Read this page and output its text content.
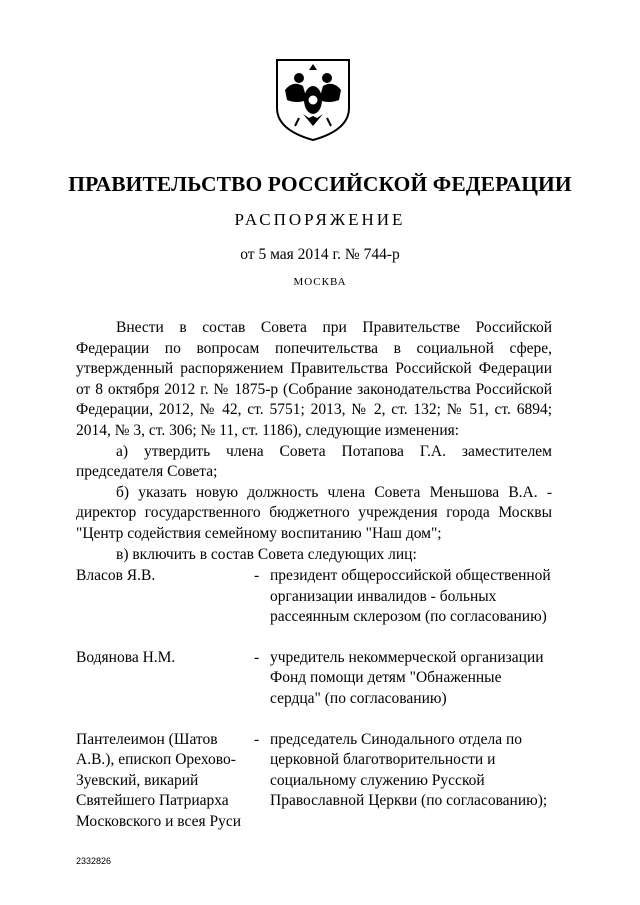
ПРАВИТЕЛЬСТВО РОССИЙСКОЙ ФЕДЕРАЦИИ
РАСПОРЯЖЕНИЕ
от 5 мая 2014 г. № 744-р
МОСКВА

Внести в состав Совета при Правительстве Российской Федерации по вопросам попечительства в социальной сфере, утвержденный распоряжением Правительства Российской Федерации от 8 октября 2012 г. № 1875-р (Собрание законодательства Российской Федерации, 2012, № 42, ст. 5751; 2013, № 2, ст. 132; № 51, ст. 6894; 2014, № 3, ст. 306; № 11, ст. 1186), следующие изменения:

а) утвердить члена Совета Потапова Г.А. заместителем председателя Совета;

б) указать новую должность члена Совета Меньшова В.А. - директор государственного бюджетного учреждения города Москвы "Центр содействия семейному воспитанию "Наш дом";

в) включить в состав Совета следующих лиц:

Власов Я.В.	- президент общероссийской общественной организации инвалидов - больных рассеянным склерозом (по согласованию)
Водянова Н.М.	- учредитель некоммерческой организации Фонд помощи детям "Обнаженные сердца" (по согласованию)
Пантелеимон (Шатов А.В.), епископ Орехово-Зуевский, викарий Святейшего Патриарха Московского и всея Руси
- председатель Синодального отдела по церковной благотворительности и социальному служению Русской Православной Церкви (по согласованию);
2332826
